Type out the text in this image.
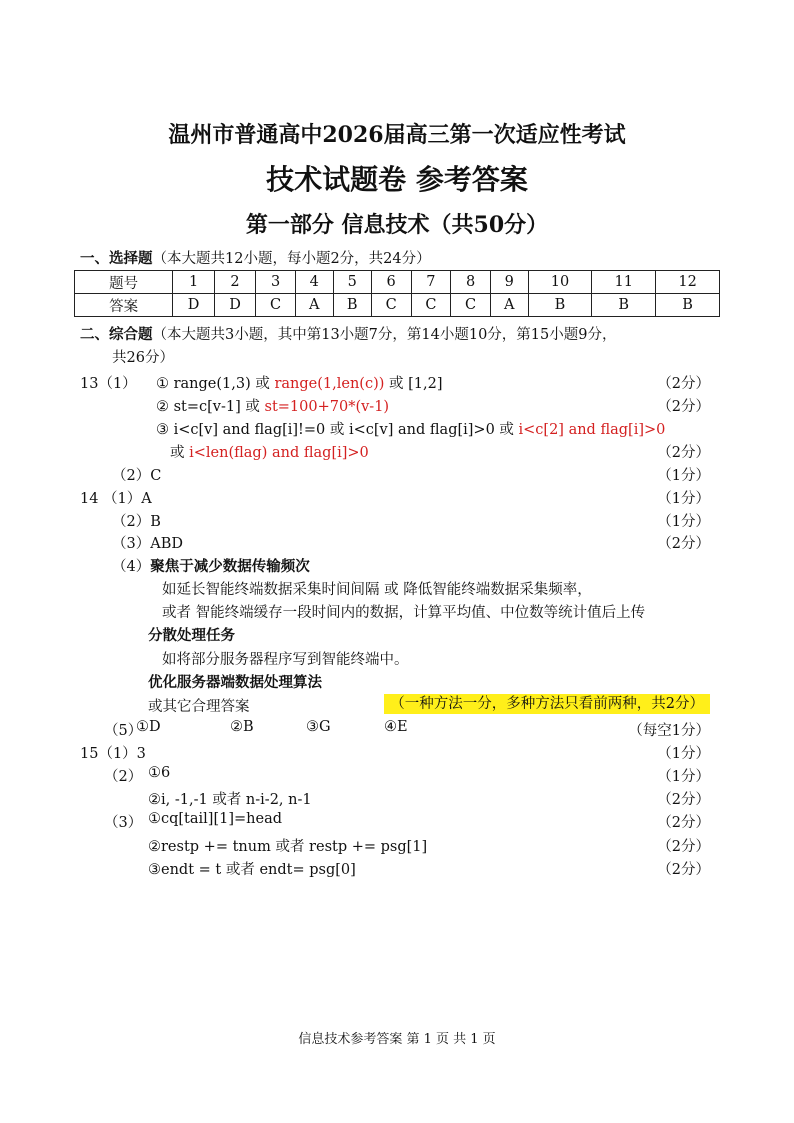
温州市普通高中2026届高三第一次适应性考试
技术试题卷 参考答案
第一部分 信息技术（共50分）
一、选择题（本大题共12小题，每小题2分，共24分）
题号	1	2	3	4	5	6	7	8	9	10	11	12
答案	D	D	C	A	B	C	C	C	A	B	B	B
二、综合题（本大题共3小题，其中第13小题7分，第14小题10分，第15小题9分，
共26分）
13（1） ① range(1,3) 或 range(1,len(c)) 或 [1,2]	（2分）
② st=c[v-1] 或 st=100+70*(v-1)	（2分）
③ i<c[v] and flag[i]!=0 或 i<c[v] and flag[i]>0 或 i<c[2] and flag[i]>0
或 i<len(flag) and flag[i]>0	（2分）
（2）C	（1分）
14 （1）A	（1分）
（2）B	（1分）
（3）ABD	（2分）
（4）聚焦于减少数据传输频次
如延长智能终端数据采集时间间隔 或 降低智能终端数据采集频率，
或者 智能终端缓存一段时间内的数据，计算平均值、中位数等统计值后上传
分散处理任务
如将部分服务器程序写到智能终端中。
优化服务器端数据处理算法
或其它合理答案	（一种方法一分，多种方法只看前两种，共2分）
（5）
①D	②B	③G	④E	（每空1分）
15（1）3	（1分）
（2） ①6	（1分）
②i, -1,-1 或者 n-i-2, n-1	（2分）
（3） ①cq[tail][1]=head	（2分）
②restp += tnum 或者 restp += psg[1]	（2分）
③endt = t 或者 endt= psg[0]	（2分）
信息技术参考答案 第 1 页 共 1 页
